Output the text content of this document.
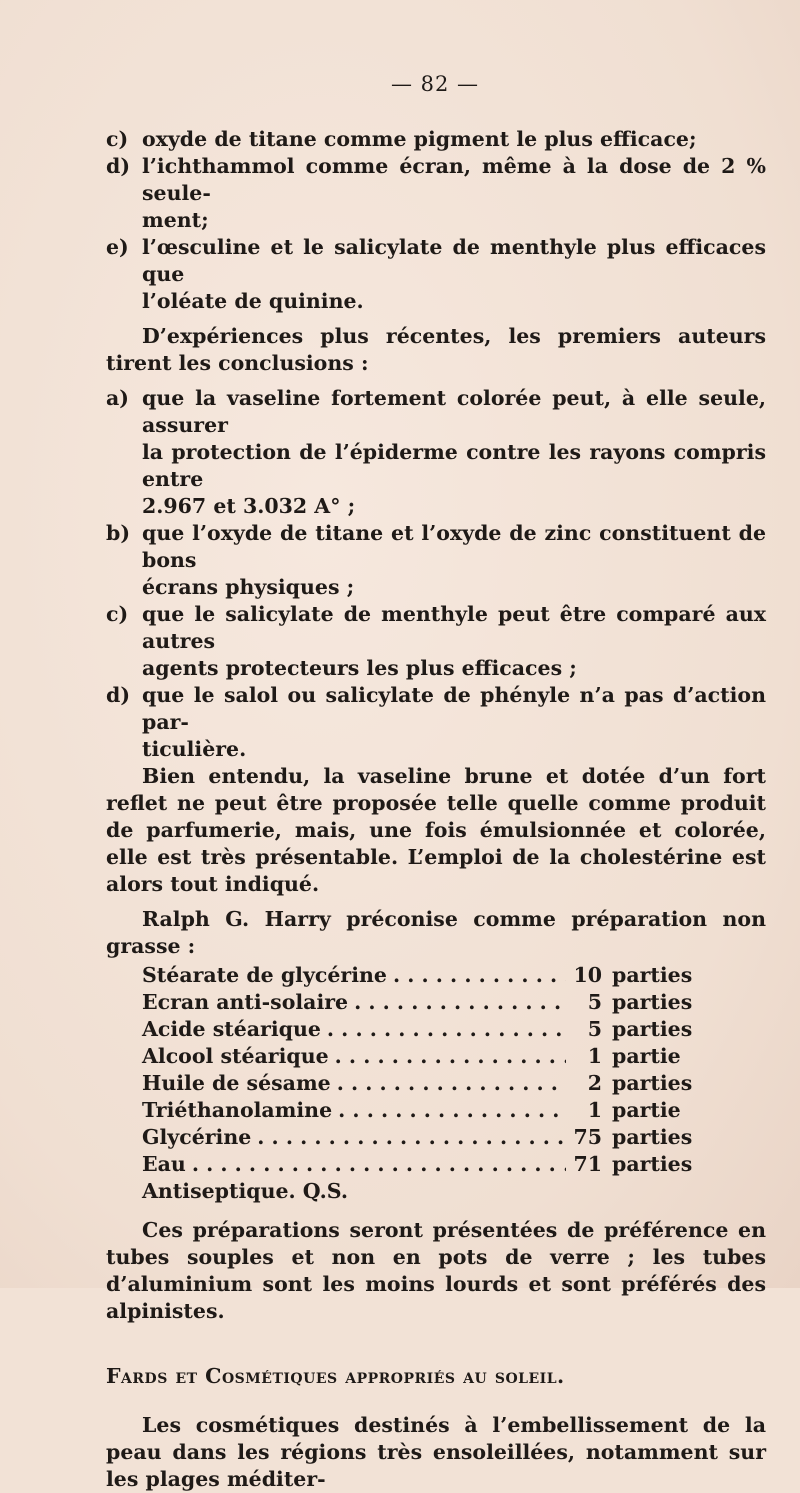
— 82 —
c) oxyde de titane comme pigment le plus efficace;

d) l’ichthammol comme écran, même à la dose de 2 % seule-

ment;

e) l’œsculine et le salicylate de menthyle plus efficaces que

l’oléate de quinine.

D’expériences plus récentes, les premiers auteurs tirent les conclusions :

a) que la vaseline fortement colorée peut, à elle seule, assurer

la protection de l’épiderme contre les rayons compris entre

2.967 et 3.032 A° ;

b) que l’oxyde de titane et l’oxyde de zinc constituent de bons

écrans physiques ;

c) que le salicylate de menthyle peut être comparé aux autres

agents protecteurs les plus efficaces ;

d) que le salol ou salicylate de phényle n’a pas d’action par-

ticulière.

Bien entendu, la vaseline brune et dotée d’un fort reflet ne peut être proposée telle quelle comme produit de parfumerie, mais, une fois émulsionnée et colorée, elle est très présentable. L’emploi de la cholestérine est alors tout indiqué.

Ralph G. Harry préconise comme préparation non grasse :

Stéarate de glycérine . . .	10 parties
Ecran anti-solaire . . .	5 parties
Acide stéarique . . .	5 parties
Alcool stéarique . . .	1 partie
Huile de sésame . . .	2 parties
Triéthanolamine . . .	1 partie
Glycérine . . .	75 parties
Eau . . .	71 parties
Antiseptique. Q.S.

Ces préparations seront présentées de préférence en tubes souples et non en pots de verre ; les tubes d’aluminium sont les moins lourds et sont préférés des alpinistes.

Fards et Cosmétiques appropriés au soleil.

Les cosmétiques destinés à l’embellissement de la peau dans les régions très ensoleillées, notamment sur les plages méditer-
